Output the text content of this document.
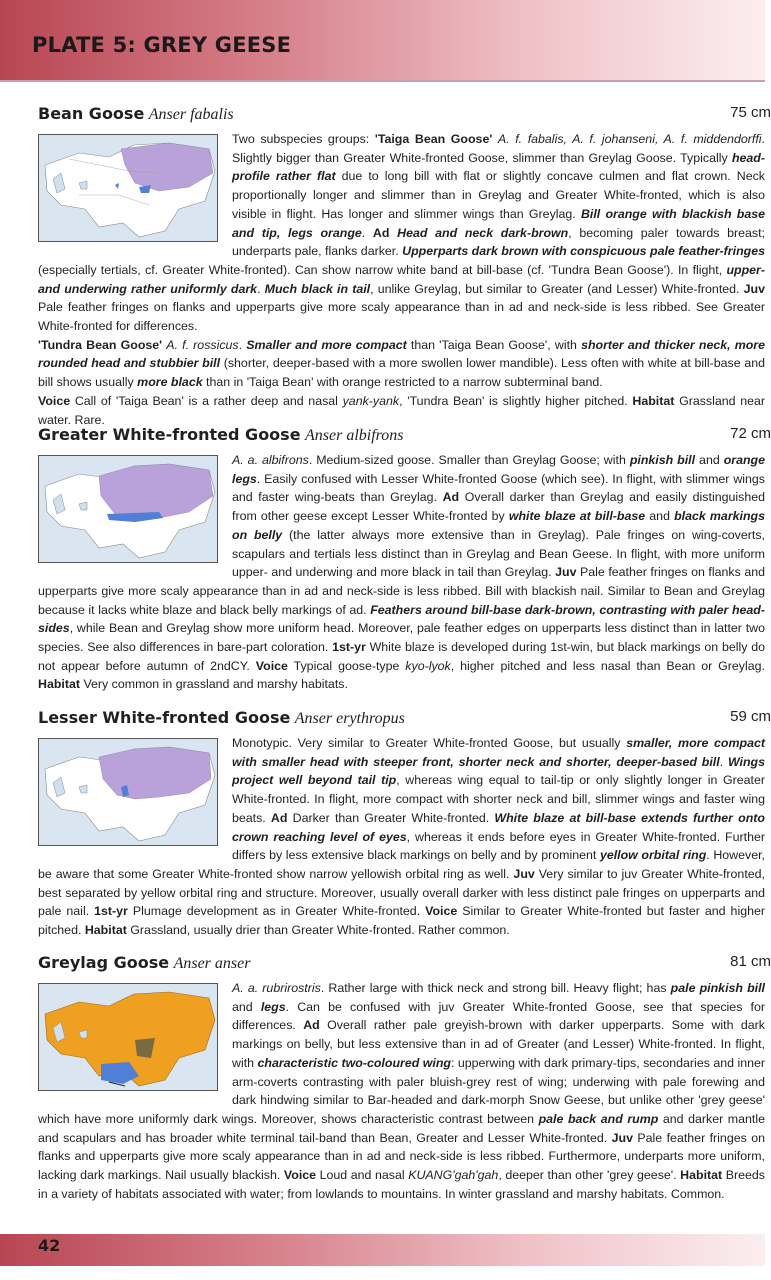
PLATE 5: GREY GEESE
Bean Goose Anser fabalis	75 cm

Two subspecies groups: 'Taiga Bean Goose' A. f. fabalis, A. f. johanseni, A. f. middendorffi. Slightly bigger than Greater White-fronted Goose, slimmer than Greylag Goose. Typically head-profile rather flat due to long bill with flat or slightly concave culmen and flat crown. Neck proportionally longer and slimmer than in Greylag and Greater White-fronted, which is also visible in flight. Has longer and slimmer wings than Greylag. Bill orange with blackish base and tip, legs orange. Ad Head and neck dark-brown, becoming paler towards breast; underparts pale, flanks darker. Upperparts dark brown with conspicuous pale feather-fringes (especially tertials, cf. Greater White-fronted). Can show narrow white band at bill-base (cf. 'Tundra Bean Goose'). In flight, upper- and underwing rather uniformly dark. Much black in tail, unlike Greylag, but similar to Greater (and Lesser) White-fronted. Juv Pale feather fringes on flanks and upperparts give more scaly appearance than in ad and neck-side is less ribbed. See Greater White-fronted for differences.
'Tundra Bean Goose' A. f. rossicus. Smaller and more compact than 'Taiga Bean Goose', with shorter and thicker neck, more rounded head and stubbier bill (shorter, deeper-based with a more swollen lower mandible). Less often with white at bill-base and bill shows usually more black than in 'Taiga Bean' with orange restricted to a narrow subterminal band.
Voice Call of 'Taiga Bean' is a rather deep and nasal yank-yank, 'Tundra Bean' is slightly higher pitched. Habitat Grassland near water. Rare.

Greater White-fronted Goose Anser albifrons	72 cm

A. a. albifrons. Medium-sized goose. Smaller than Greylag Goose; with pinkish bill and orange legs. Easily confused with Lesser White-fronted Goose (which see). In flight, with slimmer wings and faster wing-beats than Greylag. Ad Overall darker than Greylag and easily distinguished from other geese except Lesser White-fronted by white blaze at bill-base and black markings on belly (the latter always more extensive than in Greylag). Pale fringes on wing-coverts, scapulars and tertials less distinct than in Greylag and Bean Geese. In flight, with more uniform upper- and underwing and more black in tail than Greylag. Juv Pale feather fringes on flanks and upperparts give more scaly appearance than in ad and neck-side is less ribbed. Bill with blackish nail. Similar to Bean and Greylag because it lacks white blaze and black belly markings of ad. Feathers around bill-base dark-brown, contrasting with paler head-sides, while Bean and Greylag show more uniform head. Moreover, pale feather edges on upperparts less distinct than in latter two species. See also differences in bare-part coloration. 1st-yr White blaze is developed during 1st-win, but black markings on belly do not appear before autumn of 2ndCY. Voice Typical goose-type kyo-lyok, higher pitched and less nasal than Bean or Greylag. Habitat Very common in grassland and marshy habitats.

Lesser White-fronted Goose Anser erythropus	59 cm

Monotypic. Very similar to Greater White-fronted Goose, but usually smaller, more compact with smaller head with steeper front, shorter neck and shorter, deeper-based bill. Wings project well beyond tail tip, whereas wing equal to tail-tip or only slightly longer in Greater White-fronted. In flight, more compact with shorter neck and bill, slimmer wings and faster wing beats. Ad Darker than Greater White-fronted. White blaze at bill-base extends further onto crown reaching level of eyes, whereas it ends before eyes in Greater White-fronted. Further differs by less extensive black markings on belly and by prominent yellow orbital ring. However, be aware that some Greater White-fronted show narrow yellowish orbital ring as well. Juv Very similar to juv Greater White-fronted, best separated by yellow orbital ring and structure. Moreover, usually overall darker with less distinct pale fringes on upperparts and pale nail. 1st-yr Plumage development as in Greater White-fronted. Voice Similar to Greater White-fronted but faster and higher pitched. Habitat Grassland, usually drier than Greater White-fronted. Rather common.

Greylag Goose Anser anser	81 cm

A. a. rubrirostris. Rather large with thick neck and strong bill. Heavy flight; has pale pinkish bill and legs. Can be confused with juv Greater White-fronted Goose, see that species for differences. Ad Overall rather pale greyish-brown with darker upperparts. Some with dark markings on belly, but less extensive than in ad of Greater (and Lesser) White-fronted. In flight, with characteristic two-coloured wing: upperwing with dark primary-tips, secondaries and inner arm-coverts contrasting with paler bluish-grey rest of wing; underwing with pale forewing and dark hindwing similar to Bar-headed and dark-morph Snow Geese, but unlike other 'grey geese' which have more uniformly dark wings. Moreover, shows characteristic contrast between pale back and rump and darker mantle and scapulars and has broader white terminal tail-band than Bean, Greater and Lesser White-fronted. Juv Pale feather fringes on flanks and upperparts give more scaly appearance than in ad and neck-side is less ribbed. Furthermore, underparts more uniform, lacking dark markings. Nail usually blackish. Voice Loud and nasal KUANG'gah'gah, deeper than other 'grey geese'. Habitat Breeds in a variety of habitats associated with water; from lowlands to mountains. In winter grassland and marshy habitats. Common.

42
